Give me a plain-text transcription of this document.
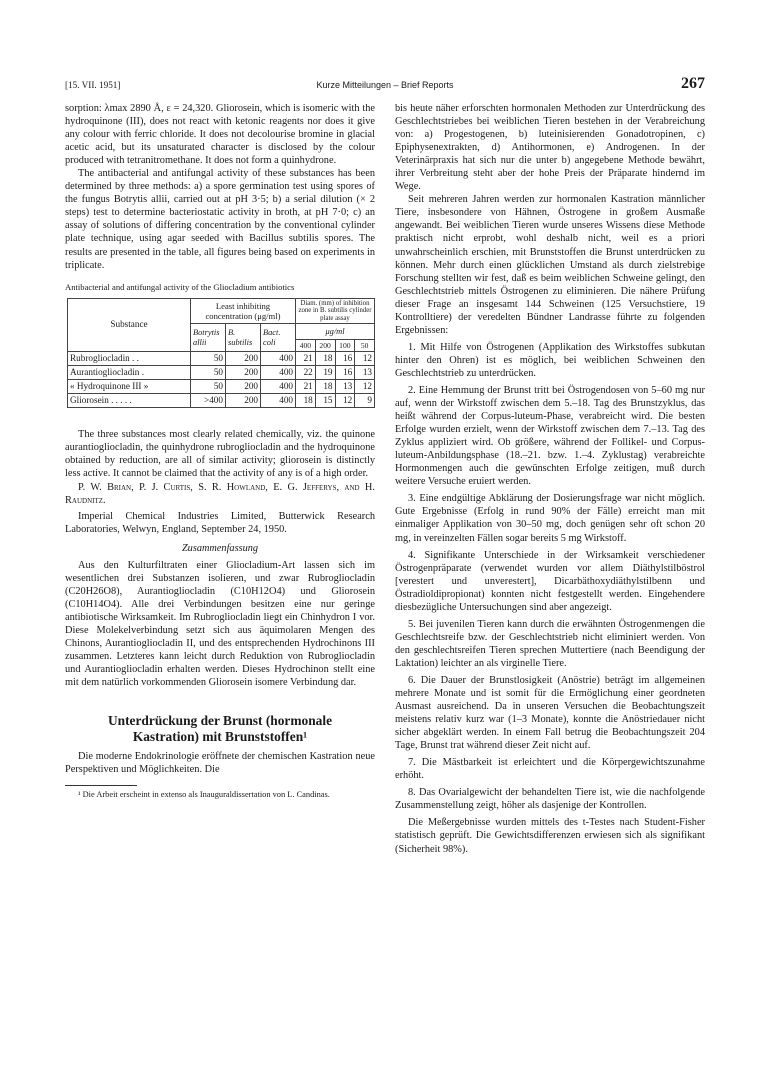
[15. VII. 1951]	Kurze Mitteilungen – Brief Reports	267

sorption: λmax 2890 Å, ε = 24,320. Gliorosein, which is isomeric with the hydroquinone (III), does not react with ketonic reagents nor does it give any colour with ferric chloride. It does not decolourise bromine in glacial acetic acid, but its unsaturated character is disclosed by the colour produced with tetranitromethane. It does not form a quinhydrone.

The antibacterial and antifungal activity of these substances has been determined by three methods: a) a spore germination test using spores of the fungus Botrytis allii, carried out at pH 3·5; b) a serial dilution (× 2 steps) test to determine bacteriostatic activity in broth, at pH 7·0; c) an assay of solutions of differing concentration by the conventional cylinder plate technique, using agar seeded with Bacillus subtilis spores. The results are presented in the table, all figures being based on experiments in triplicate.

Antibacterial and antifungal activity of the Gliocladium antibiotics
Substance	Least inhibiting concentration (μg/ml)			Diam. (mm) of inhibition zone in B. subtilis cylinder plate assay			
	Botrytis allii	B. subtilis	Bact. coli	μg/ml
400 200 100 50			

Rubrogliocladin . .	50	200	400	21	18	16	12
Aurantiogliocladin .	50	200	400	22	19	16	13
« Hydroquinone III »	50	200	400	21	18	13	12
Gliorosein . . . . .	>400	200	400	18	15	12	9

The three substances most clearly related chemically, viz. the quinone aurantiogliocladin, the quinhydrone rubrogliocladin and the hydroquinone obtained by reduction, are all of similar activity; gliorosein is distinctly less active. It cannot be claimed that the activity of any is of a high order.

P. W. Brian, P. J. Curtis, S. R. Howland, E. G. Jefferys, and H. Raudnitz.

Imperial Chemical Industries Limited, Butterwick Research Laboratories, Welwyn, England, September 24, 1950.

Zusammenfassung

Aus den Kulturfiltraten einer Gliocladium-Art lassen sich im wesentlichen drei Substanzen isolieren, und zwar Rubrogliocladin (C20H26O8), Aurantiogliocladin (C10H12O4) und Gliorosein (C10H14O4). Alle drei Verbindungen besitzen eine nur geringe antibiotische Wirksamkeit. Im Rubrogliocladin liegt ein Chinhydron I vor. Diese Molekelverbindung setzt sich aus äquimolaren Mengen des Chinons, Aurantiogliocladin II, und des entsprechenden Hydrochinons III zusammen. Letzteres kann leicht durch Reduktion von Rubrogliocladin und Aurantiogliocladin erhalten werden. Dieses Hydrochinon stellt eine mit dem natürlich vorkommenden Gliorosein isomere Verbindung dar.

Unterdrückung der Brunst (hormonale
Kastration) mit Brunststoffen¹

Die moderne Endokrinologie eröffnete der chemischen Kastration neue Perspektiven und Möglichkeiten. Die

¹ Die Arbeit erscheint in extenso als Inauguraldissertation von L. Candinas.

bis heute näher erforschten hormonalen Methoden zur Unterdrückung des Geschlechtstriebes bei weiblichen Tieren bestehen in der Verabreichung von: a) Progestogenen, b) luteinisierenden Gonadotropinen, c) Epiphysenextrakten, d) Antihormonen, e) Androgenen. In der Veterinärpraxis hat sich nur die unter b) angegebene Methode bewährt, ihrer Verbreitung steht aber der hohe Preis der Präparate hindernd im Wege.

Seit mehreren Jahren werden zur hormonalen Kastration männlicher Tiere, insbesondere von Hähnen, Östrogene in großem Ausmaße angewandt. Bei weiblichen Tieren wurde unseres Wissens diese Methode praktisch nicht erprobt, wohl deshalb nicht, weil es a priori unwahrscheinlich erschien, mit Brunststoffen die Brunst unterdrücken zu können. Mehr durch einen glücklichen Umstand als durch zielstrebige Forschung stellten wir fest, daß es beim weiblichen Schweine gelingt, den Geschlechtstrieb mittels Östrogenen zu eliminieren. Die nähere Prüfung dieser Frage an insgesamt 144 Schweinen (125 Versuchstiere, 19 Kontrolltiere) der veredelten Bündner Landrasse führte zu folgenden Ergebnissen:

1. Mit Hilfe von Östrogenen (Applikation des Wirkstoffes subkutan hinter den Ohren) ist es möglich, bei weiblichen Schweinen den Geschlechtstrieb zu unterdrücken.

2. Eine Hemmung der Brunst tritt bei Östrogendosen von 5–60 mg nur auf, wenn der Wirkstoff zwischen dem 5.–18. Tag des Brunstzyklus, das heißt während der Corpus-luteum-Phase, verabreicht wird. Die besten Erfolge wurden erzielt, wenn der Wirkstoff zwischen dem 7.–13. Tag des Zyklus appliziert wird. Ob größere, während der Follikel- und Corpus-luteum-Anbildungsphase (18.–21. bzw. 1.–4. Zyklustag) verabreichte Hormonmengen auch die gewünschten Erfolge zeitigen, muß durch weitere Versuche eruiert werden.

3. Eine endgültige Abklärung der Dosierungsfrage war nicht möglich. Gute Ergebnisse (Erfolg in rund 90% der Fälle) erreicht man mit einmaliger Applikation von 30–50 mg, doch genügen sehr oft schon 20 mg, in vereinzelten Fällen sogar bereits 5 mg Wirkstoff.

4. Signifikante Unterschiede in der Wirksamkeit verschiedener Östrogenpräparate (verwendet wurden vor allem Diäthylstilböstrol [verestert und unverestert], Dicarbäthoxydiäthylstilbenn und Östradioldipropionat) konnten nicht festgestellt werden. Eingehendere diesbezügliche Untersuchungen sind aber angezeigt.

5. Bei juvenilen Tieren kann durch die erwähnten Östrogenmengen die Geschlechtsreife bzw. der Geschlechtstrieb nicht eliminiert werden. Von den geschlechtsreifen Tieren sprechen Muttertiere (nach Beendigung der Laktation) leichter an als virginelle Tiere.

6. Die Dauer der Brunstlosigkeit (Anöstrie) beträgt im allgemeinen mehrere Monate und ist somit für die Ermöglichung einer geordneten Ausmast ausreichend. Da in unseren Versuchen die Beobachtungszeit meistens relativ kurz war (1–3 Monate), konnte die Anöstriedauer nicht sicher abgeklärt werden. In einem Fall betrug die Beobachtungszeit 204 Tage, Brunst trat während dieser Zeit nicht auf.

7. Die Mästbarkeit ist erleichtert und die Körpergewichtszunahme erhöht.

8. Das Ovarialgewicht der behandelten Tiere ist, wie die nachfolgende Zusammenstellung zeigt, höher als dasjenige der Kontrollen.

Die Meßergebnisse wurden mittels des t-Testes nach Student-Fisher statistisch geprüft. Die Gewichtsdifferenzen erwiesen sich als signifikant (Sicherheit 98%).
